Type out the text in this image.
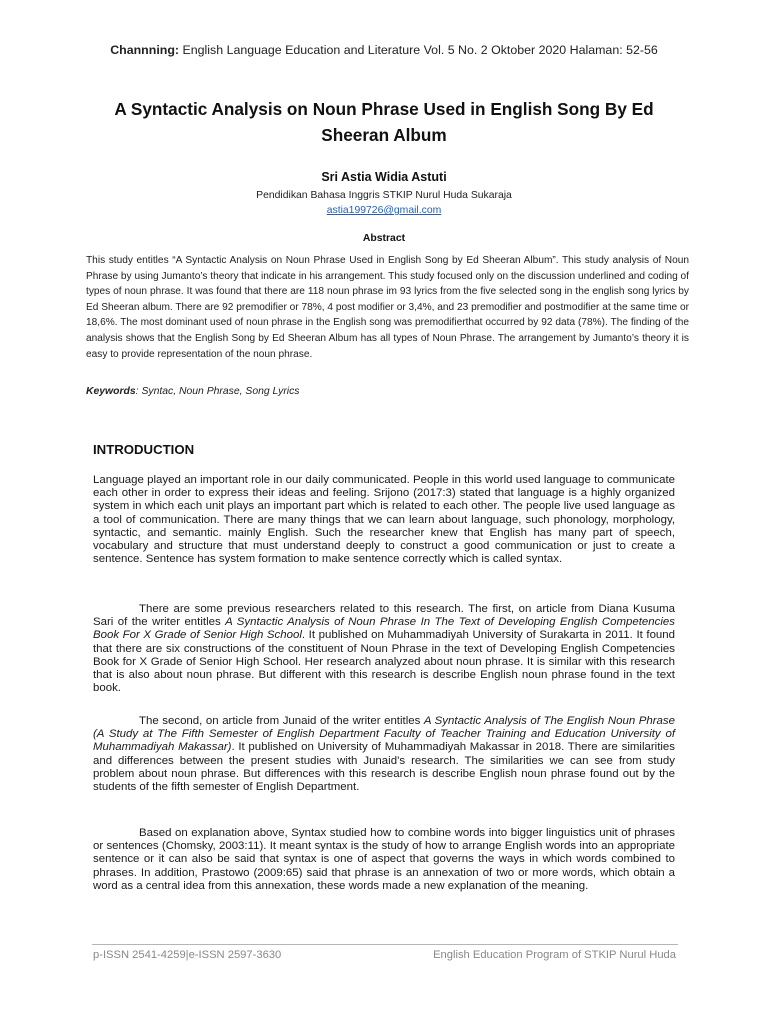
Channning: English Language Education and Literature Vol. 5 No. 2 Oktober 2020 Halaman: 52-56
A Syntactic Analysis on Noun Phrase Used in English Song By Ed Sheeran Album
Sri Astia Widia Astuti
Pendidikan Bahasa Inggris STKIP Nurul Huda Sukaraja
astia199726@gmail.com
Abstract
This study entitles “A Syntactic Analysis on Noun Phrase Used in English Song by Ed Sheeran Album”. This study analysis of Noun Phrase by using Jumanto’s theory that indicate in his arrangement. This study focused only on the discussion underlined and coding of types of noun phrase. It was found that there are 118 noun phrase im 93 lyrics from the five selected song in the english song lyrics by Ed Sheeran album. There are 92 premodifier or 78%, 4 post modifier or 3,4%, and 23 premodifier and postmodifier at the same time or 18,6%. The most dominant used of noun phrase in the English song was premodifierthat occurred by 92 data (78%). The finding of the analysis shows that the English Song by Ed Sheeran Album has all types of Noun Phrase. The arrangement by Jumanto’s theory it is easy to provide representation of the noun phrase.
Keywords: Syntac, Noun Phrase, Song Lyrics
INTRODUCTION
Language played an important role in our daily communicated. People in this world used language to communicate each other in order to express their ideas and feeling. Srijono (2017:3) stated that language is a highly organized system in which each unit plays an important part which is related to each other. The people live used language as a tool of communication. There are many things that we can learn about language, such phonology, morphology, syntactic, and semantic. mainly English. Such the researcher knew that English has many part of speech, vocabulary and structure that must understand deeply to construct a good communication or just to create a sentence. Sentence has system formation to make sentence correctly which is called syntax.
There are some previous researchers related to this research. The first, on article from Diana Kusuma Sari of the writer entitles A Syntactic Analysis of Noun Phrase In The Text of Developing English Competencies Book For X Grade of Senior High School. It published on Muhammadiyah University of Surakarta in 2011. It found that there are six constructions of the constituent of Noun Phrase in the text of Developing English Competencies Book for X Grade of Senior High School. Her research analyzed about noun phrase. It is similar with this research that is also about noun phrase. But different with this research is describe English noun phrase found in the text book.
The second, on article from Junaid of the writer entitles A Syntactic Analysis of The English Noun Phrase (A Study at The Fifth Semester of English Department Faculty of Teacher Training and Education University of Muhammadiyah Makassar). It published on University of Muhammadiyah Makassar in 2018. There are similarities and differences between the present studies with Junaid’s research. The similarities we can see from study problem about noun phrase. But differences with this research is describe English noun phrase found out by the students of the fifth semester of English Department.
Based on explanation above, Syntax studied how to combine words into bigger linguistics unit of phrases or sentences (Chomsky, 2003:11). It meant syntax is the study of how to arrange English words into an appropriate sentence or it can also be said that syntax is one of aspect that governs the ways in which words combined to phrases. In addition, Prastowo (2009:65) said that phrase is an annexation of two or more words, which obtain a word as a central idea from this annexation, these words made a new explanation of the meaning.
p-ISSN 2541-4259|e-ISSN 2597-3630	English Education Program of STKIP Nurul Huda
